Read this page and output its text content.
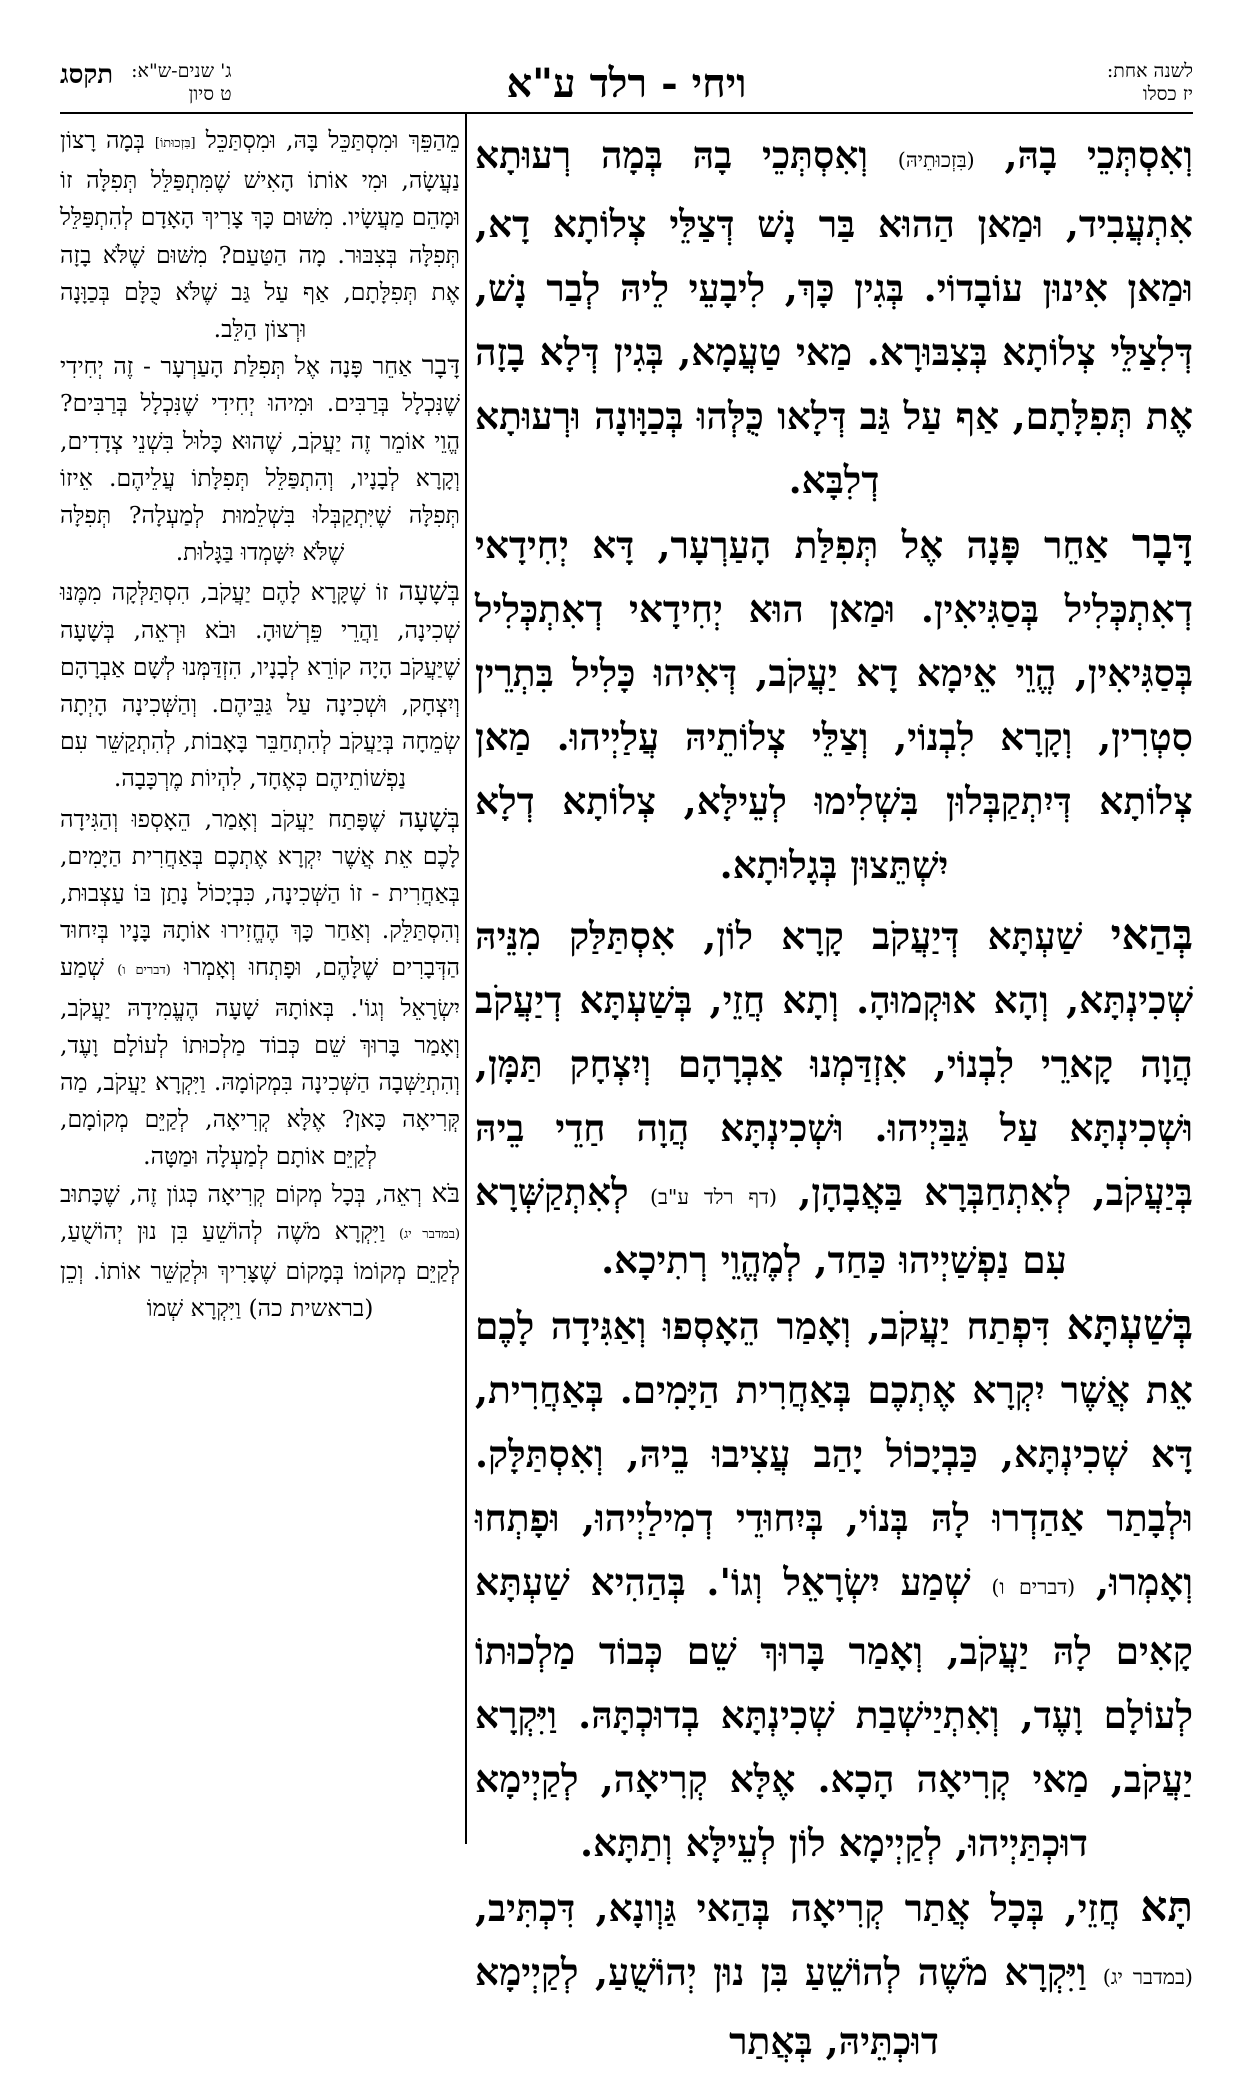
לשנה אחת:
יז כסלו
ויחי - רלד ע"א
תקסג ג' שנים-ש"א:
ט סיון

וְאִסְתְּכֵי בָהּ, (בִּזְכוּתֵיהּ) וְאִסְתְּכֵי בָהּ בְּמָה רְעוּתָא אִתְעֲבִיד, וּמַאן הַהוּא בַּר נָשׁ דְּצַלֵּי צְלוֹתָא דָא, וּמַאן אִינוּן עוֹבָדוֹי. בְּגִין כָּךְ, לִיבָעֵי לֵיהּ לְבַר נָשׁ, דְּלִצַלֵּי צְלוֹתָא בְּצִבּוּרָא. מַאי טַעֲמָא, בְּגִין דְּלָא בָזָה אֶת תְּפִלָּתָם, אַף עַל גַּב דְּלָאו כֻּלְּהוּ בְּכַוָּונָה וּרְעוּתָא דְלִבָּא.

דָּבָר אַחֵר פָּנָה אֶל תְּפִלַּת הָעַרְעָר, דָּא יְחִידָאי דְאִתְכְּלִיל בְּסַגִּיאִין. וּמַאן הוּא יְחִידָאי דְאִתְכְּלִיל בְּסַגִּיאִין, הֱוֵי אֵימָא דָא יַעֲקֹב, דְּאִיהוּ כָּלִיל בִּתְרֵין סִטְרִין, וְקָרָא לִבְנוֹי, וְצַלֵּי צְלוֹתֵיהּ עֲלַיְיהוּ. מַאן צְלוֹתָא דְּיִתְקַבְּלוּן בִּשְׁלִימוּ לְעֵילָּא, צְלוֹתָא דְלָא יִשְׁתֵּצוּן בְּגָלוּתָא.

בְּהַאי שַׁעְתָּא דְּיַעֲקֹב קָרָא לוֹן, אִסְתַּלַּק מִנֵּיהּ שְׁכִינְתָּא, וְהָא אוּקְמוּהָ. וְתָא חֲזֵי, בְּשַׁעְתָּא דְיַעֲקֹב הֲוָה קָארֵי לִבְנוֹי, אִזְדַּמְנוּ אַבְרָהָם וְיִצְחָק תַּמָּן, וּשְׁכִינְתָּא עַל גַּבַּיְיהוּ. וּשְׁכִינְתָּא הֲוָה חַדֵי בֵיהּ בְּיַעֲקֹב, לְאִתְחַבְּרָא בַּאֲבָהָן, (דף רלד ע"ב) לְאִתְקַשְּׁרָא עִם נַפְשַׁיְיהוּ כַּחַד, לְמֶהֱוֵי רְתִיכָא.

בְּשַׁעְתָּא דִּפְתַח יַעֲקֹב, וְאָמַר הֵאָסְפוּ וְאַגִּידָה לָכֶם אֵת אֲשֶׁר יִקְרָא אֶתְכֶם בְּאַחֲרִית הַיָּמִים. בְּאַחֲרִית, דָּא שְׁכִינְתָּא, כַּבְיָכוֹל יָהַב עֲצִיבוּ בֵיהּ, וְאִסְתַּלָּק. וּלְבָתַר אַהַדְרוּ לָהּ בְּנוֹי, בְּיִחוּדֵי דְמִילַיְיהוּ, וּפָתְחוּ וְאָמְרוּ, (דברים ו) שְׁמַע יִשְׂרָאֵל וְגוֹ'. בְּהַהִיא שַׁעְתָּא קָאִים לָהּ יַעֲקֹב, וְאָמַר בָּרוּךְ שֵׁם כְּבוֹד מַלְכוּתוֹ לְעוֹלָם וָעֶד, וְאִתְיַישְׁבַת שְׁכִינְתָּא בְדוּכְתָּהּ. וַיִּקְרָא יַעֲקֹב, מַאי קְרִיאָה הָכָא. אֶלָּא קְרִיאָה, לְקַיְימָא דוּכְתַּיְיהוּ, לְקַיְימָא לוֹן לְעֵילָּא וְתַתָּא.

תָּא חֲזֵי, בְּכָל אֲתַר קְרִיאָה בְּהַאי גַּוְונָא, דִּכְתִּיב, (במדבר יג) וַיִּקְרָא מֹשֶׁה לְהוֹשֵׁעַ בִּן נוּן יְהוֹשֻׁעַ, לְקַיְימָא דוּכְתֵּיהּ, בְּאֲתַר

מֵהַפֵּךְ וּמִסְתַּכֵּל בָּהּ, וּמִסְתַּכֵּל [בִּזְכוּתוֹ] בְּמָה רָצוֹן נַעֲשָׂה, וּמִי אוֹתוֹ הָאִישׁ שֶׁמִּתְפַּלֵּל תְּפִלָּה זוֹ וּמָהֵם מַעֲשָׂיו. מִשּׁוּם כָּךְ צָרִיךְ הָאָדָם לְהִתְפַּלֵּל תְּפִלָּה בְּצִבּוּר. מָה הַטַּעַם? מִשּׁוּם שֶׁלֹּא בָזָה אֶת תְּפִלָּתָם, אַף עַל גַּב שֶׁלֹּא כֻּלָּם בְּכַוָּנָה וּרְצוֹן הַלֵּב.

דָּבָר אַחֵר פָּנָה אֶל תְּפִלַּת הָעַרְעָר - זֶה יְחִידִי שֶׁנִּכְלָל בְּרַבִּים. וּמִיהוּ יְחִידִי שֶׁנִּכְלָל בְּרַבִּים? הֱוֵי אוֹמֵר זֶה יַעֲקֹב, שֶׁהוּא כָּלוּל בִּשְׁנֵי צְדָדִים, וְקָרָא לְבָנָיו, וְהִתְפַּלֵּל תְּפִלָּתוֹ עֲלֵיהֶם. אֵיזוֹ תְּפִלָּה שֶׁיִּתְקַבְּלוּ בִּשְׁלֵמוּת לְמַעְלָה? תְּפִלָּה שֶׁלֹּא יִשָּׁמְדוּ בַּגָּלוּת.

בְּשָׁעָה זוֹ שֶׁקָּרָא לָהֶם יַעֲקֹב, הִסְתַּלְּקָה מִמֶּנּוּ שְׁכִינָה, וַהֲרֵי פֵּרְשׁוּהָ. וּבֹא וּרְאֵה, בְּשָׁעָה שֶׁיַּעֲקֹב הָיָה קוֹרֵא לְבָנָיו, הִזְדַּמְּנוּ לְשָׁם אַבְרָהָם וְיִצְחָק, וּשְׁכִינָה עַל גַּבֵּיהֶם. וְהַשְּׁכִינָה הָיְתָה שְׂמֵחָה בְּיַעֲקֹב לְהִתְחַבֵּר בָּאָבוֹת, לְהִתְקַשֵּׁר עִם נַפְשׁוֹתֵיהֶם כְּאֶחָד, לִהְיוֹת מֶרְכָּבָה.

בְּשָׁעָה שֶׁפָּתַח יַעֲקֹב וְאָמַר, הֵאָסְפוּ וְהַגִּידָה לָכֶם אֵת אֲשֶׁר יִקְרָא אֶתְכֶם בְּאַחֲרִית הַיָּמִים, בְּאַחֲרִית - זוֹ הַשְּׁכִינָה, כִּבְיָכוֹל נָתַן בּוֹ עַצְבוּת, וְהִסְתַּלֵּק. וְאַחַר כָּךְ הֶחֱזִירוּ אוֹתָהּ בָּנָיו בְּיִחוּד הַדְּבָרִים שֶׁלָּהֶם, וּפָתְחוּ וְאָמְרוּ (דברים ו) שְׁמַע יִשְׂרָאֵל וְגוֹ'. בְּאוֹתָהּ שָׁעָה הֶעֱמִידָהּ יַעֲקֹב, וְאָמַר בָּרוּךְ שֵׁם כְּבוֹד מַלְכוּתוֹ לְעוֹלָם וָעֶד, וְהִתְיַשְּׁבָה הַשְּׁכִינָה בִּמְקוֹמָהּ. וַיִּקְרָא יַעֲקֹב, מַה קְּרִיאָה כָּאן? אֶלָּא קְרִיאָה, לְקַיֵּם מְקוֹמָם, לְקַיֵּם אוֹתָם לְמַעְלָה וּמַטָּה.

בֹּא רְאֵה, בְּכָל מְקוֹם קְרִיאָה כְּגוֹן זֶה, שֶׁכָּתוּב (במדבר יג) וַיִּקְרָא מֹשֶׁה לְהוֹשֵׁעַ בִּן נוּן יְהוֹשֻׁעַ, לְקַיֵּם מְקוֹמוֹ בְּמָקוֹם שֶׁצָּרִיךְ וּלְקַשֵּׁר אוֹתוֹ. וְכֵן (בראשית כה) וַיִּקְרָא שְׁמוֹ
